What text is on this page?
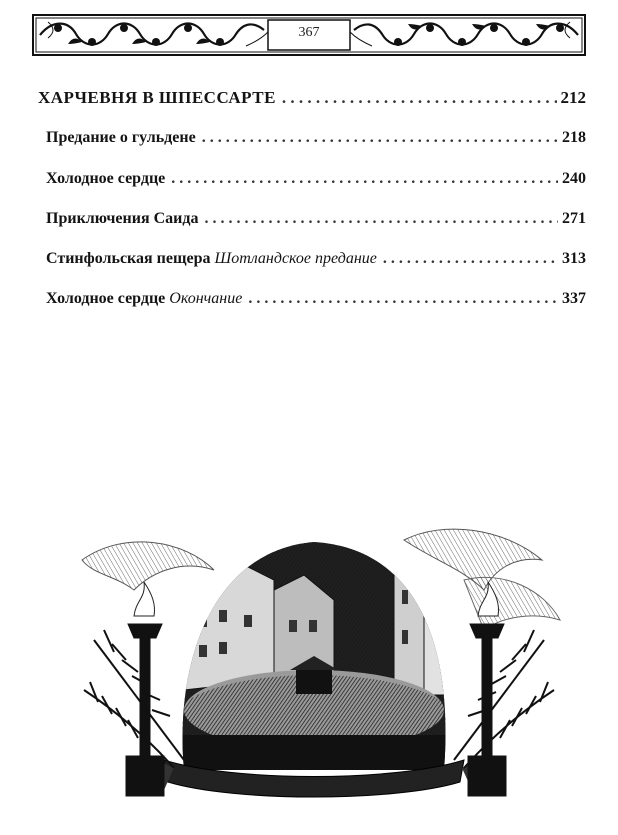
367
ХАРЧЕВНЯ В ШПЕССАРТЕ . . .	212
Предание о гульдене . . .	218
Холодное сердце . . .	240
Приключения Саида . . .	271
Стинфольская пещера Шотландское предание . . .	313
Холодное сердце Окончание . . .	337
